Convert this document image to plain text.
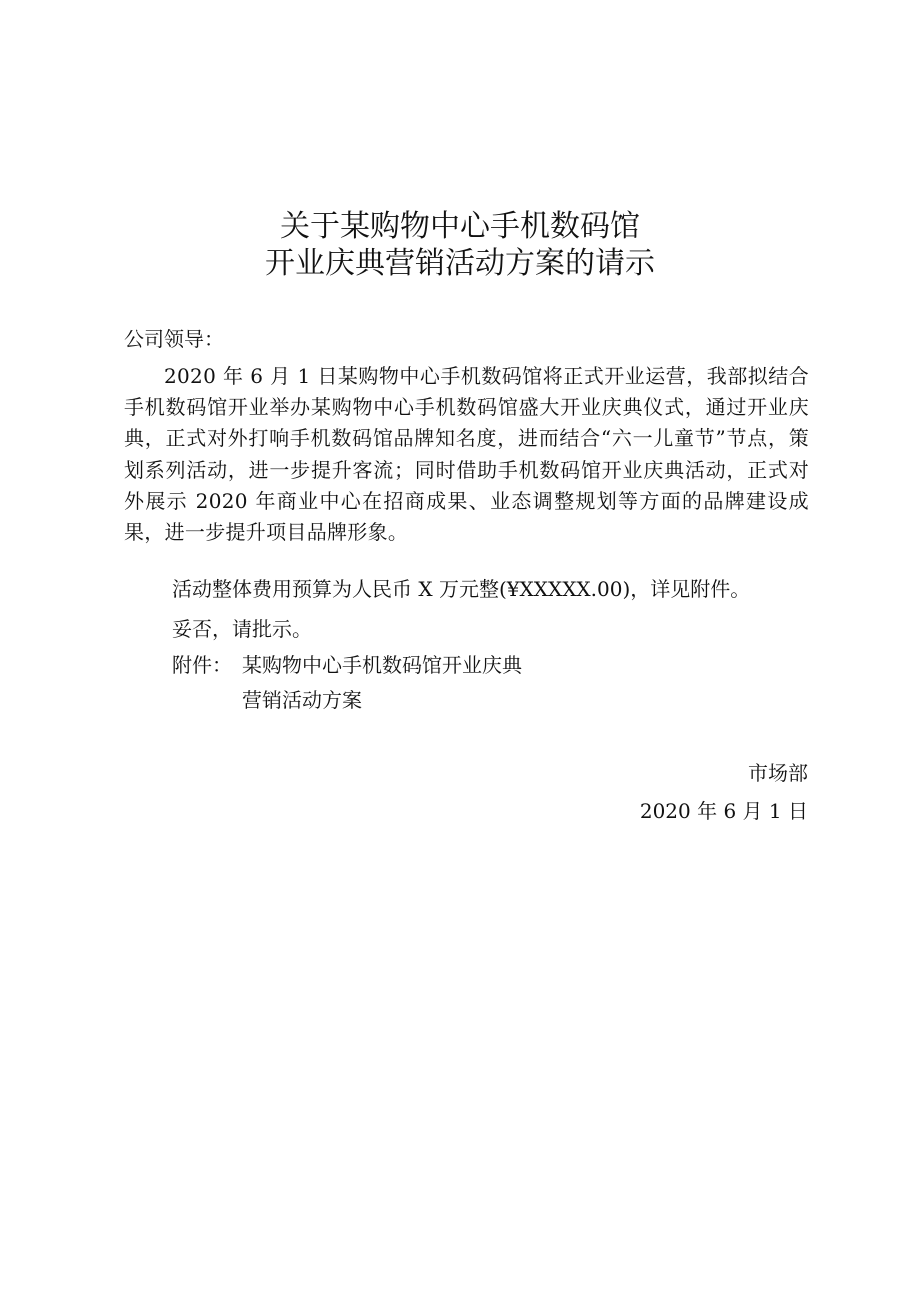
关于某购物中心手机数码馆
开业庆典营销活动方案的请示
公司领导：
2020 年 6 月 1 日某购物中心手机数码馆将正式开业运营，我部拟结合手机数码馆开业举办某购物中心手机数码馆盛大开业庆典仪式，通过开业庆典，正式对外打响手机数码馆品牌知名度，进而结合“六一儿童节”节点，策划系列活动，进一步提升客流；同时借助手机数码馆开业庆典活动，正式对外展示 2020 年商业中心在招商成果、业态调整规划等方面的品牌建设成果，进一步提升项目品牌形象。
活动整体费用预算为人民币 X 万元整(¥XXXXX.00)，详见附件。
妥否，请批示。
附件： 某购物中心手机数码馆开业庆典
营销活动方案
市场部
2020 年 6 月 1 日
